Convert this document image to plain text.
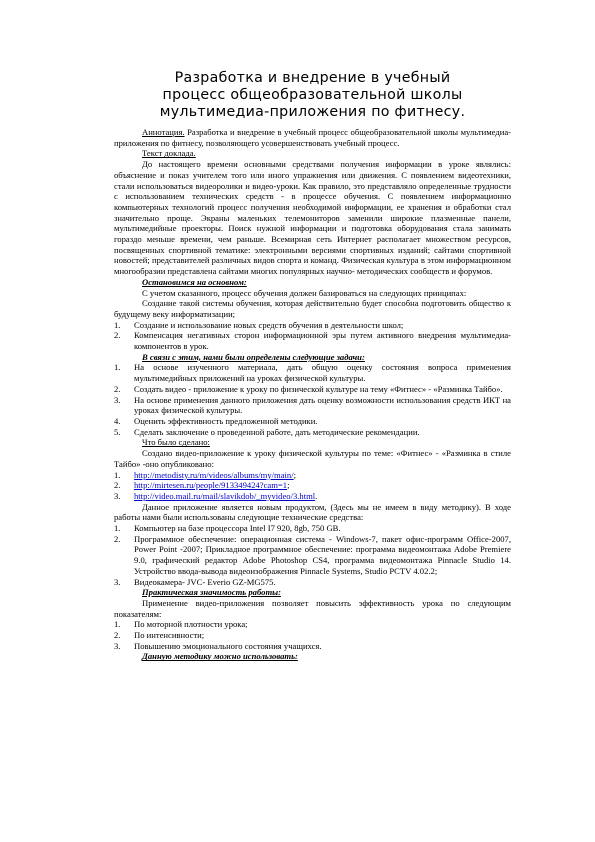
Разработка и внедрение в учебный
процесс общеобразовательной школы
мультимедиа-приложения по фитнесу.

Аннотация. Разработка и внедрение в учебный процесс общеобразовательной школы мультимедиа-приложения по фитнесу, позволяющего усовершенствовать учебный процесс.

Текст доклада.

До настоящего времени основными средствами получения информации в уроке являлись: объяснение и показ учителем того или иного упражнения или движения. С появлением видеотехники, стали использоваться видеоролики и видео-уроки. Как правило, это представляло определенные трудности с использованием технических средств - в процессе обучения. С появлением информационно компьютерных технологий процесс получения необходимой информации, ее хранения и обработки стал значительно проще. Экраны маленьких телемониторов заменили широкие плазменные панели, мультимедийные проекторы. Поиск нужной информации и подготовка оборудования стала занимать гораздо меньше времени, чем раньше. Всемирная сеть Интернет располагает множеством ресурсов, посвященных спортивной тематике: электронными версиями спортивных изданий; сайтами спортивной новостей; представителей различных видов спорта и команд. Физическая культура в этом информационном многообразии представлена сайтами многих популярных научно- методических сообществ и форумов.

Остановимся на основном:

С учетом сказанного, процесс обучения должен базироваться на следующих принципах:

Создание такой системы обучения, которая действительно будет способна подготовить общество к будущему веку информатизации;

1. Создание и использование новых средств обучения в деятельности школ;
2. Компенсация негативных сторон информационной эры путем активного внедрения мультимедиа- компонентов в урок.

В связи с этим, нами были определены следующие задачи:

1. На основе изученного материала, дать общую оценку состояния вопроса применения мультимедийных приложений на уроках физической культуры.
2. Создать видео - приложение к уроку по физической культуре на тему «Фитнес» - «Разминка Тайбо».
3. На основе применения данного приложения дать оценку возможности использования средств ИКТ на уроках физической культуры.
4. Оценить эффективность предложенной методики.
5. Сделать заключение о проведенной работе, дать методические рекомендации.

Что было сделано:

Создано видео-приложение к уроку физической культуры по теме: «Фитнес» - «Разминка в стиле Тайбо» -оно опубликовано:

1. http://metodisty.ru/m/videos/albums/my/main/;
2. http://mirtesen.ru/people/913349424?cam=1;
3. http://video.mail.ru/mail/slavikdob/_myvideo/3.html.

Данное приложение является новым продуктом, (Здесь мы не имеем в виду методику). В ходе работы нами были использованы следующие технические средства:

1. Компьютер на базе процессора Intel I7 920, 8gb, 750 GB.
2. Программное обеспечение: операционная система - Windows-7, пакет офис-программ Office-2007, Power Point -2007; Прикладное программное обеспечение: программа видеомонтажа Adobe Premiere 9.0, графический редактор Adobe Photoshop CS4, программа видеомонтажа Pinnacle Studio 14. Устройство ввода-вывода видеоизображения Pinnacle Systems, Studio PCTV 4.02.2;
3. Видеокамера- JVC- Everio GZ-MG575.

Практическая значимость работы:

Применение видео-приложения позволяет повысить эффективность урока по следующим показателям:

1. По моторной плотности урока;
2. По интенсивности;
3. Повышению эмоционального состояния учащихся.

Данную методику можно использовать:
